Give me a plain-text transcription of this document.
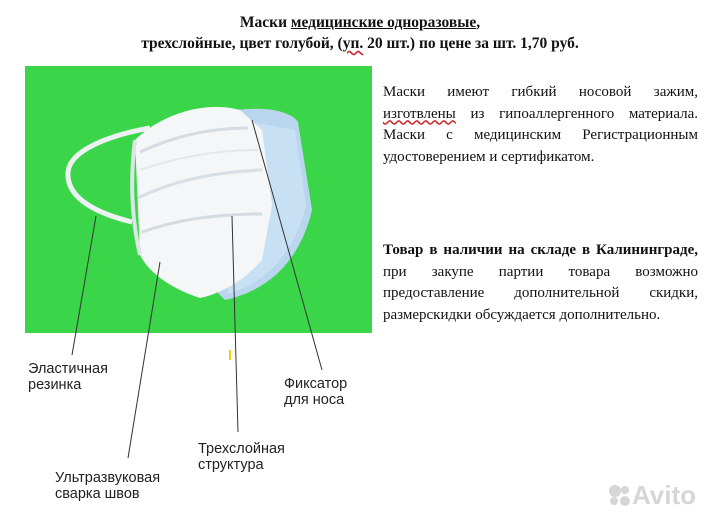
Маски медицинские одноразовые,
трехслойные, цвет голубой, (уп. 20 шт.) по цене за шт. 1,70 руб.

Маски имеют гибкий носовой зажим, изготвлены из гипоаллергенного материала. Маски с медицинским Регистрационным удостоверением и сертификатом.

Товар в наличии на складе в Калининграде, при закупе партии товара возможно предоставление дополнительной скидки, размерскидки обсуждается дополнительно.

Эластичная
резинка	Фиксатор
для носа
Трехслойная
структура
Ультразвуковая
сварка швов	Avito
